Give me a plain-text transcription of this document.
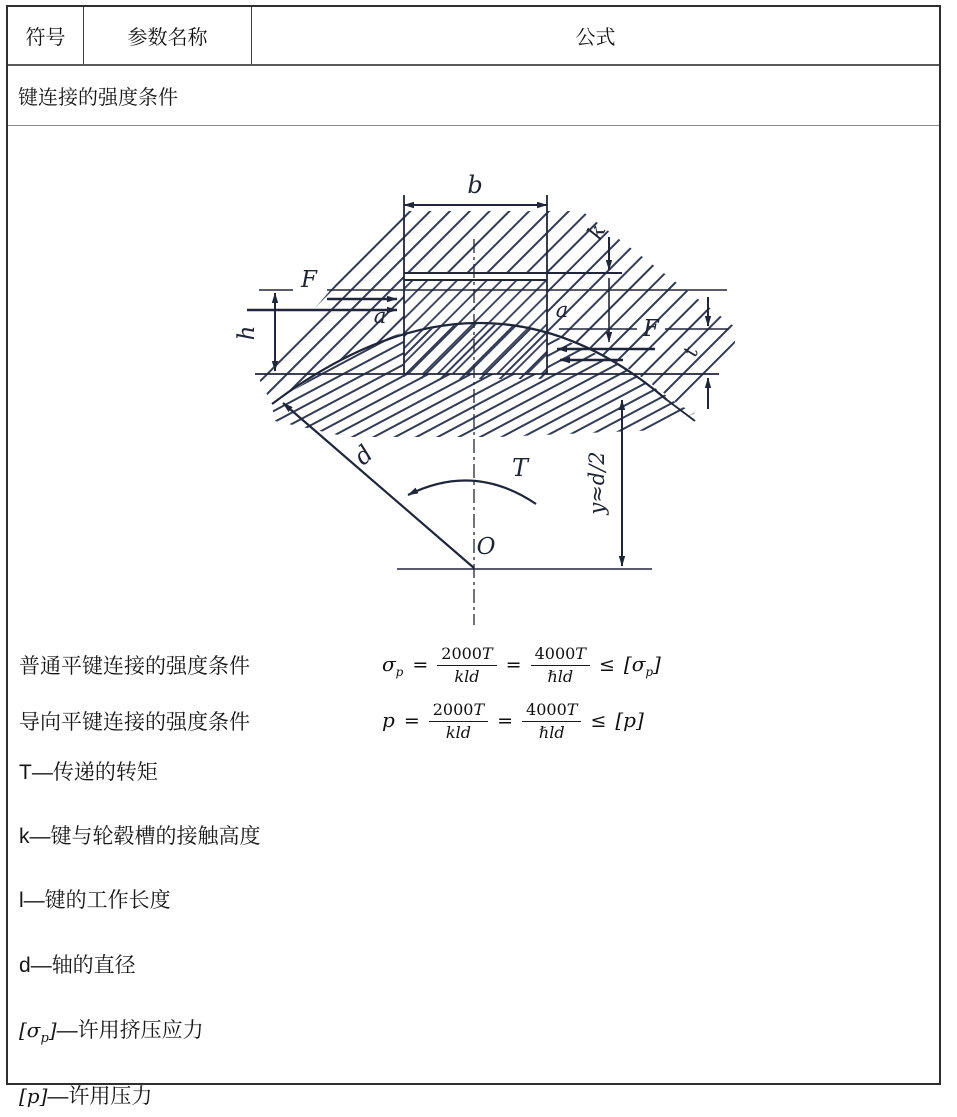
符号	参数名称	公式
键连接的强度条件
b
k
F
h
a	a
F
t
d	T
O
y≈d/2
普通平键连接的强度条件	$\sigma_p = \frac{2000T}{\text{kld}} = \frac{4000T}{\text{ℏld}} \le [\sigma_p]$
导向平键连接的强度条件	$p = \frac{2000T}{\text{kld}} = \frac{4000T}{\text{ℏld}} \le [p]$
T —传递的转矩
k —键与轮毂槽的接触高度
l —键的工作长度
d —轴的直径
$[\sigma_p]$ —许用挤压应力
[p] —许用压力
